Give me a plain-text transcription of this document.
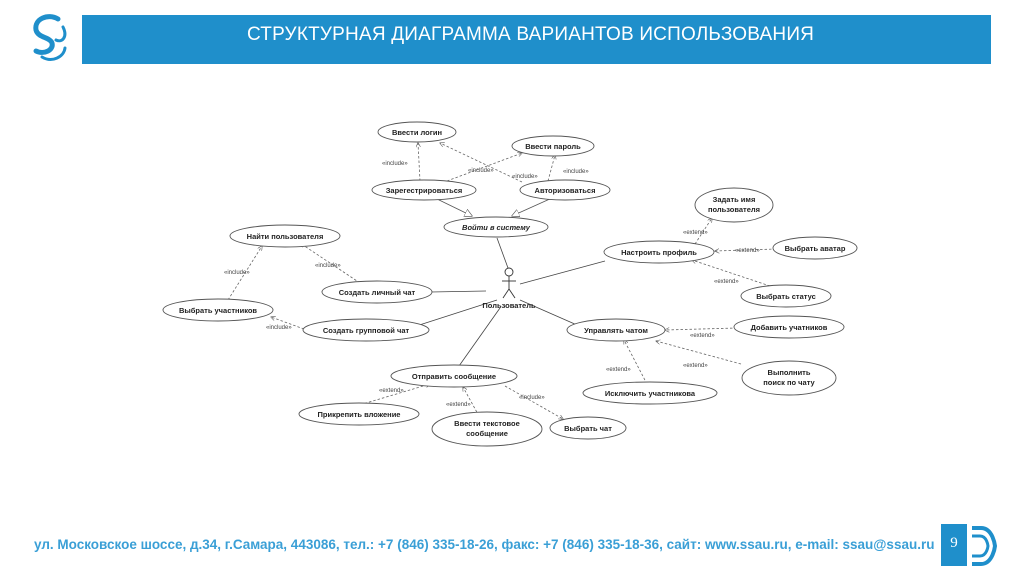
СТРУКТУРНАЯ ДИАГРАММА ВАРИАНТОВ ИСПОЛЬЗОВАНИЯ
«include»
«include»
«include»
«include»
«include»
«include»
«include»
«extend»
«extend»
«extend»
«extend»
«extend»
«extend»
«extend»
«extend»
«include»
Ввести логин
Ввести пароль
Зарегестрироваться	Авторизоваться
Войти в систему
Найти пользователя
Создать личный чат
Выбрать участников
Создать групповой чат
Задать имя
пользователя
Настроить профиль	Выбрать аватар
Выбрать статус
Управлять чатом	Добавить учатников
Выполнить
поиск по чату
Исключить участникова
Отправить сообщение
Прикрепить вложение
Ввести текстовое
сообщение
Выбрать чат
Пользователь
ул. Московское шоссе, д.34, г.Самара, 443086, тел.: +7 (846) 335-18-26, факс: +7 (846) 335-18-36, сайт: www.ssau.ru, e-mail: ssau@ssau.ru	9
